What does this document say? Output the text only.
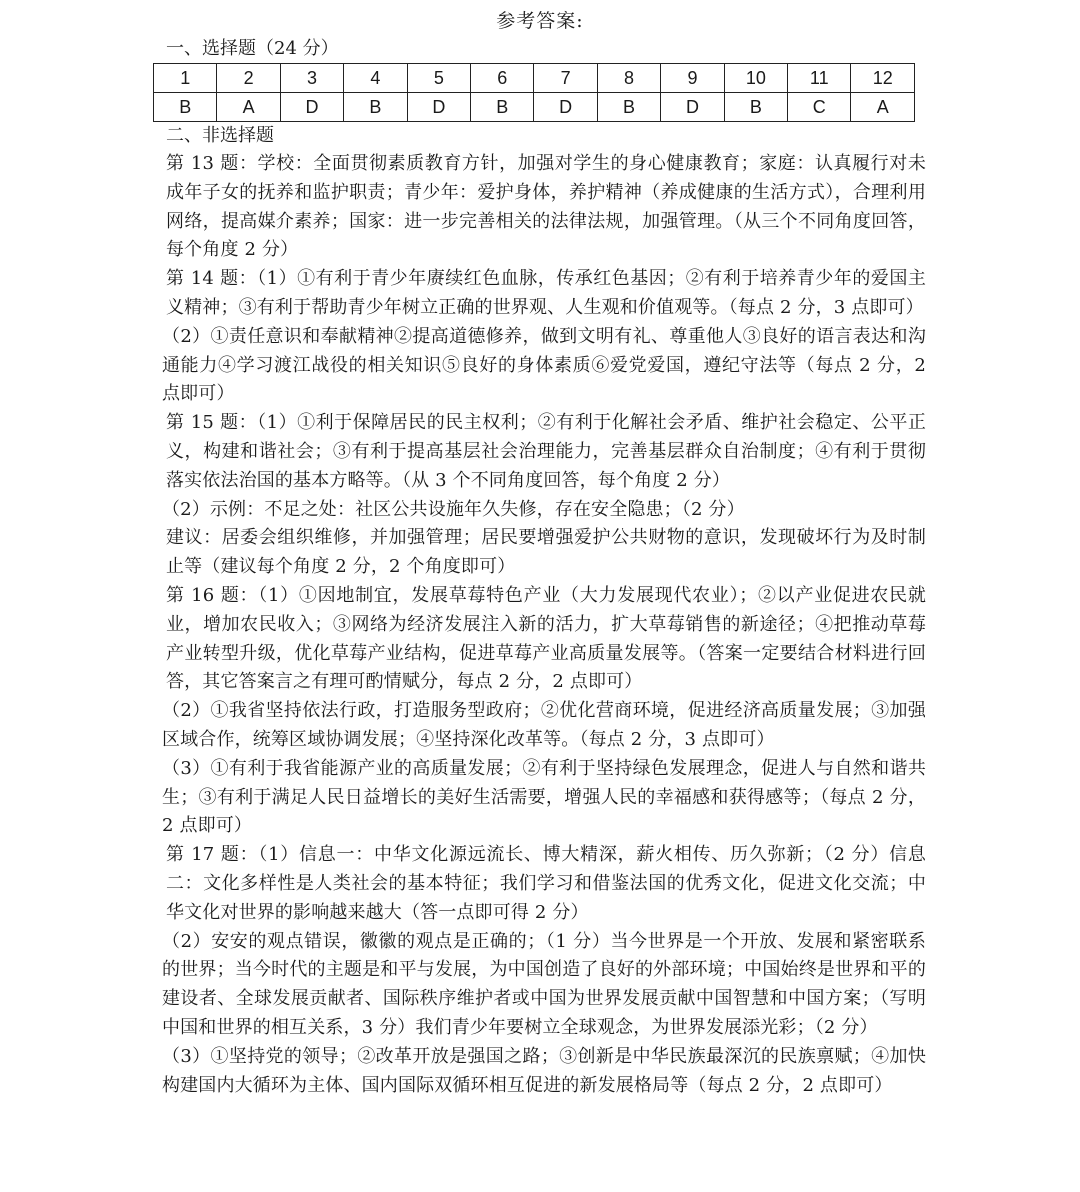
参考答案:
一、选择题（24 分）
1	2	3	4	5	6	7	8	9	10	11	12
B	A	D	B	D	B	D	B	D	B	C	A
二、非选择题

第 13 题：学校：全面贯彻素质教育方针，加强对学生的身心健康教育；家庭：认真履行对未成年子女的抚养和监护职责；青少年：爱护身体，养护精神（养成健康的生活方式），合理利用网络，提高媒介素养；国家：进一步完善相关的法律法规，加强管理。（从三个不同角度回答，每个角度 2 分）

第 14 题：（1）①有利于青少年赓续红色血脉，传承红色基因；②有利于培养青少年的爱国主义精神；③有利于帮助青少年树立正确的世界观、人生观和价值观等。（每点 2 分，3 点即可）

（2）①责任意识和奉献精神②提高道德修养，做到文明有礼、尊重他人③良好的语言表达和沟通能力④学习渡江战役的相关知识⑤良好的身体素质⑥爱党爱国，遵纪守法等（每点 2 分，2 点即可）

第 15 题：（1）①利于保障居民的民主权利；②有利于化解社会矛盾、维护社会稳定、公平正义，构建和谐社会；③有利于提高基层社会治理能力，完善基层群众自治制度；④有利于贯彻落实依法治国的基本方略等。（从 3 个不同角度回答，每个角度 2 分）

（2）示例：不足之处：社区公共设施年久失修，存在安全隐患；（2 分）

建议：居委会组织维修，并加强管理；居民要增强爱护公共财物的意识，发现破坏行为及时制止等（建议每个角度 2 分，2 个角度即可）

第 16 题：（1）①因地制宜，发展草莓特色产业（大力发展现代农业）；②以产业促进农民就业，增加农民收入；③网络为经济发展注入新的活力，扩大草莓销售的新途径；④把推动草莓产业转型升级，优化草莓产业结构，促进草莓产业高质量发展等。（答案一定要结合材料进行回答，其它答案言之有理可酌情赋分，每点 2 分，2 点即可）

（2）①我省坚持依法行政，打造服务型政府；②优化营商环境，促进经济高质量发展；③加强区域合作，统筹区域协调发展；④坚持深化改革等。（每点 2 分，3 点即可）

（3）①有利于我省能源产业的高质量发展；②有利于坚持绿色发展理念，促进人与自然和谐共生；③有利于满足人民日益增长的美好生活需要，增强人民的幸福感和获得感等；（每点 2 分，2 点即可）

第 17 题：（1）信息一：中华文化源远流长、博大精深，薪火相传、历久弥新；（2 分）信息二：文化多样性是人类社会的基本特征；我们学习和借鉴法国的优秀文化，促进文化交流；中华文化对世界的影响越来越大（答一点即可得 2 分）

（2）安安的观点错误，徽徽的观点是正确的；（1 分）当今世界是一个开放、发展和紧密联系的世界；当今时代的主题是和平与发展，为中国创造了良好的外部环境；中国始终是世界和平的建设者、全球发展贡献者、国际秩序维护者或中国为世界发展贡献中国智慧和中国方案；（写明中国和世界的相互关系，3 分）我们青少年要树立全球观念，为世界发展添光彩；（2 分）

（3）①坚持党的领导；②改革开放是强国之路；③创新是中华民族最深沉的民族禀赋；④加快构建国内大循环为主体、国内国际双循环相互促进的新发展格局等（每点 2 分，2 点即可）
